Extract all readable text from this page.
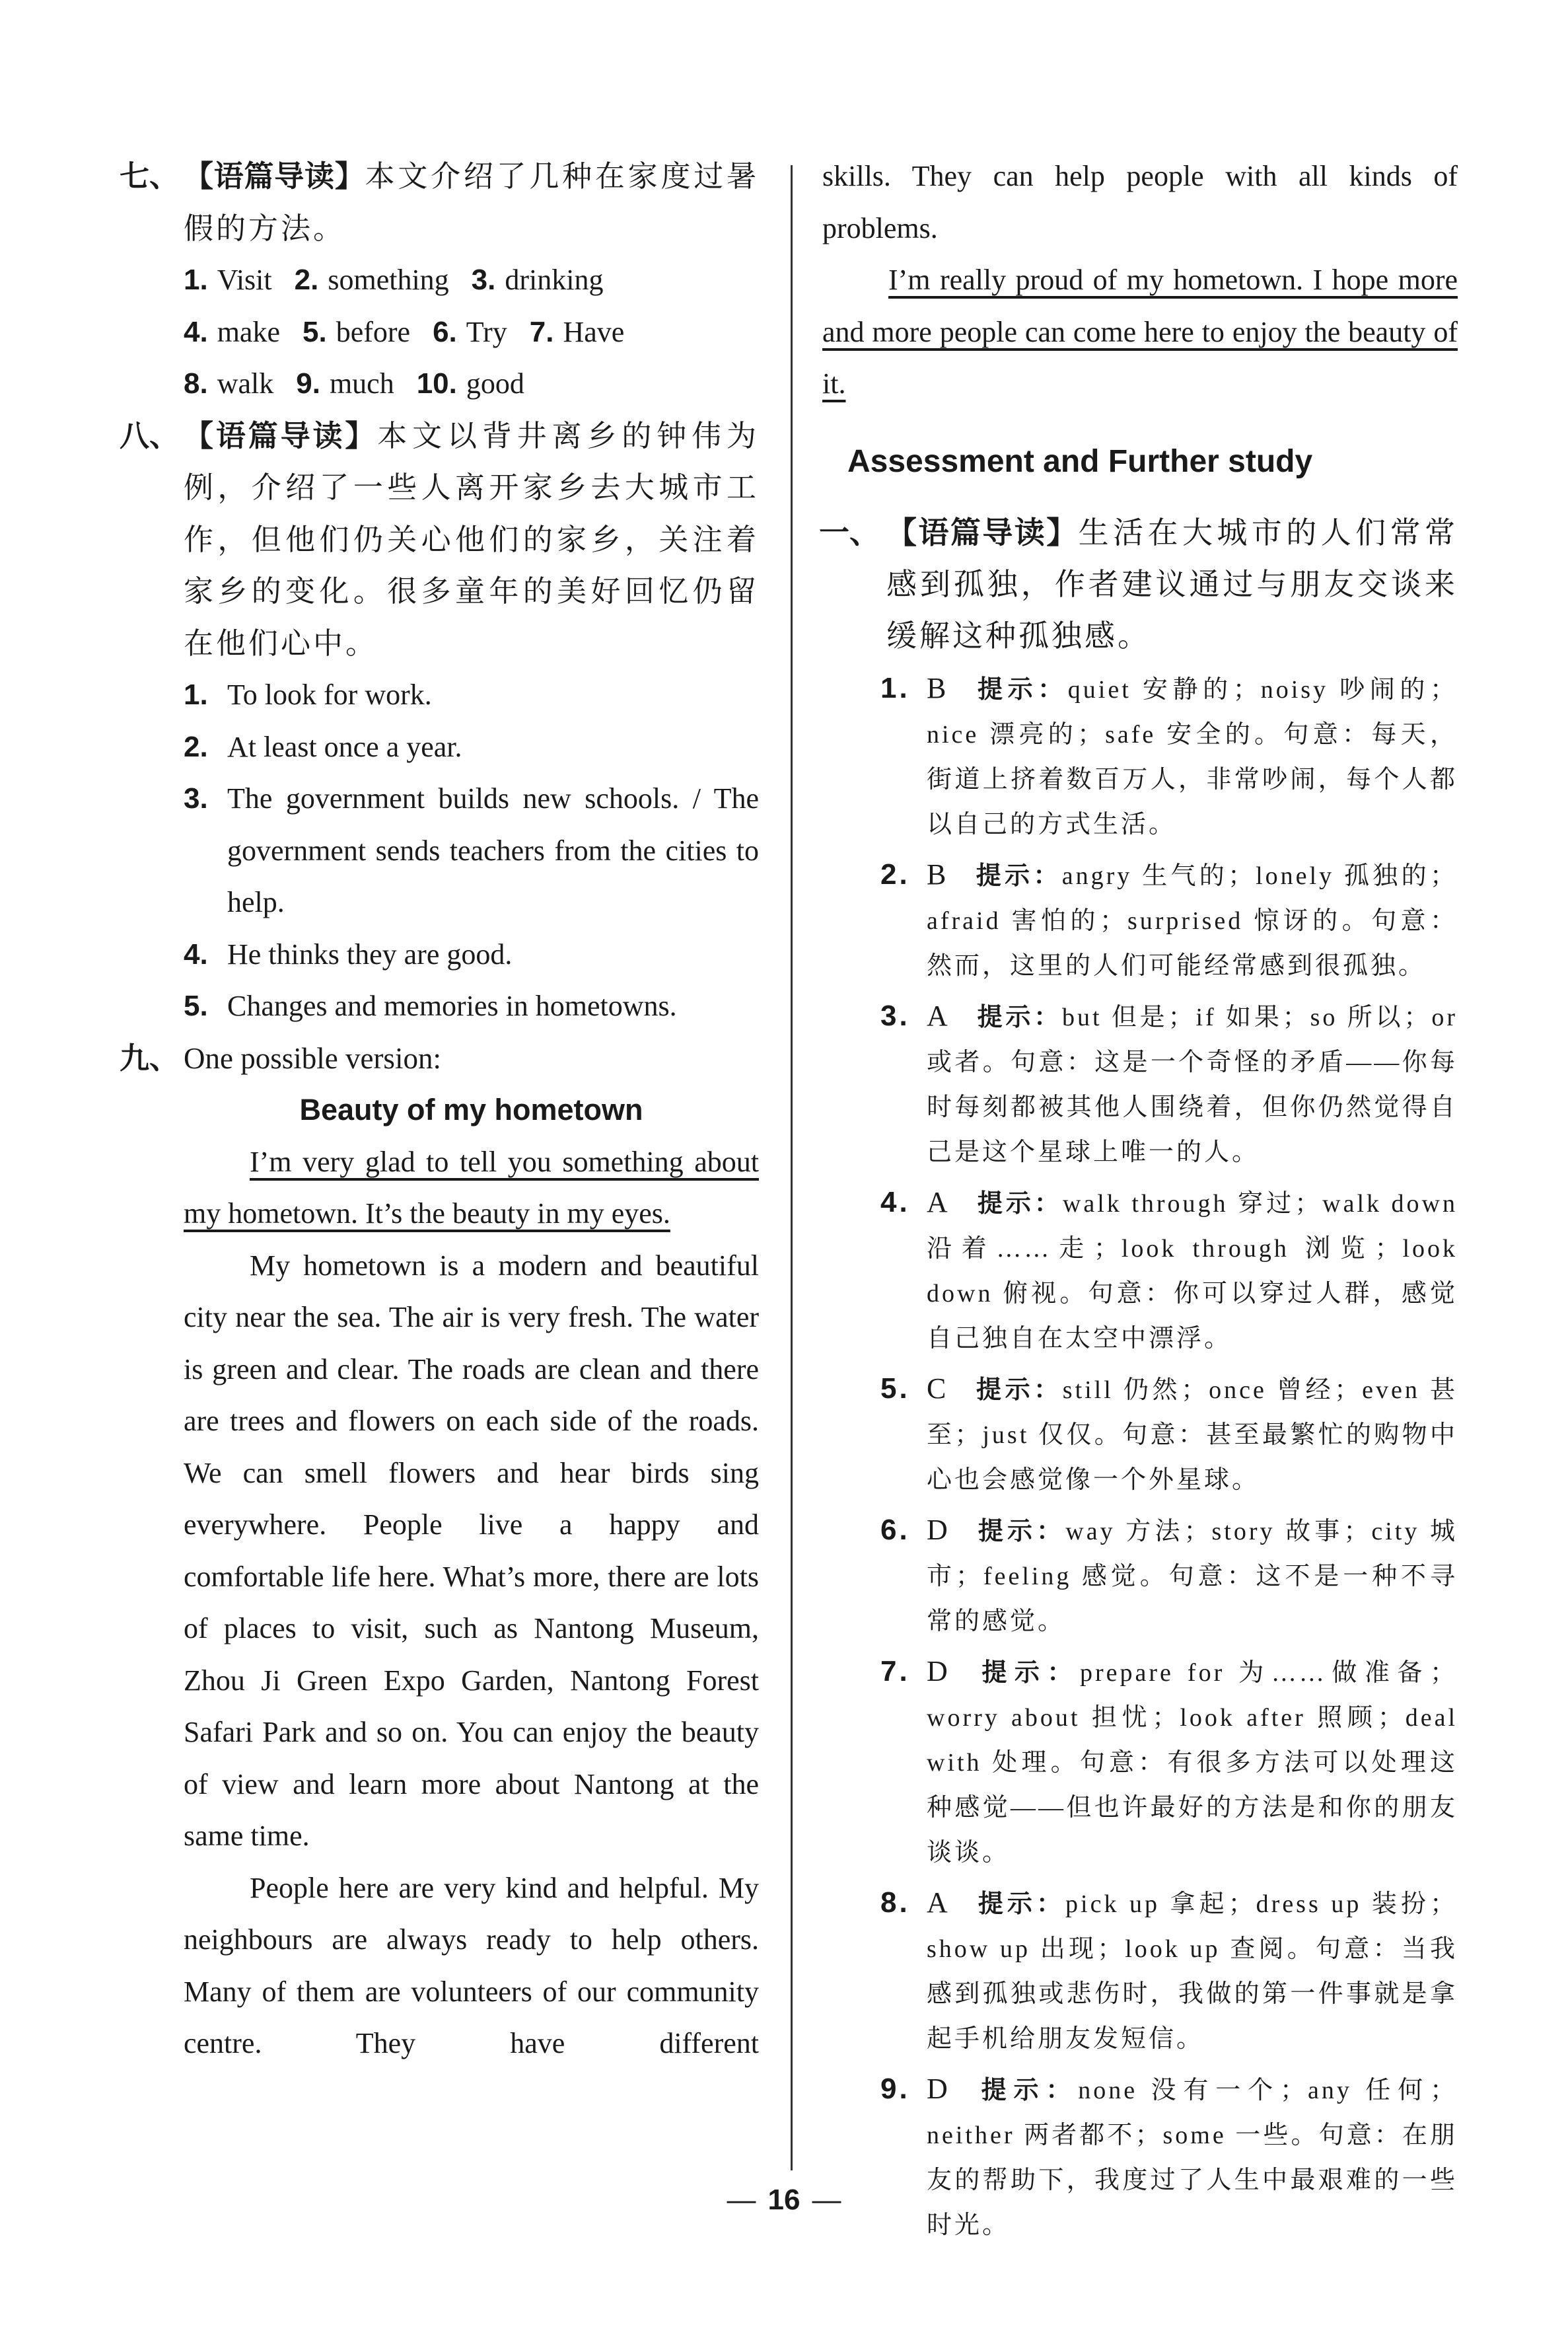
七、 【语篇导读】本文介绍了几种在家度过暑假的方法。
1. Visit 2. something 3. drinking
4. make 5. before 6. Try 7. Have
8. walk 9. much 10. good
八、 【语篇导读】本文以背井离乡的钟伟为例，介绍了一些人离开家乡去大城市工作，但他们仍关心他们的家乡，关注着家乡的变化。很多童年的美好回忆仍留在他们心中。
1. To look for work.
2. At least once a year.
3. The government builds new schools. / The government sends teachers from the cities to help.
4. He thinks they are good.
5. Changes and memories in hometowns.
九、 One possible version:
Beauty of my hometown
I’m very glad to tell you something about my hometown. It’s the beauty in my eyes.
My hometown is a modern and beautiful city near the sea. The air is very fresh. The water is green and clear. The roads are clean and there are trees and flowers on each side of the roads. We can smell flowers and hear birds sing everywhere. People live a happy and comfortable life here. What’s more, there are lots of places to visit, such as Nantong Museum, Zhou Ji Green Expo Garden, Nantong Forest Safari Park and so on. You can enjoy the beauty of view and learn more about Nantong at the same time.
People here are very kind and helpful. My neighbours are always ready to help others. Many of them are volunteers of our community centre. They have different
skills. They can help people with all kinds of problems.
I’m really proud of my hometown. I hope more and more people can come here to enjoy the beauty of it.
Assessment and Further study
一、 【语篇导读】生活在大城市的人们常常感到孤独，作者建议通过与朋友交谈来缓解这种孤独感。
1. B 提示：quiet 安静的；noisy 吵闹的；nice 漂亮的；safe 安全的。句意：每天，街道上挤着数百万人，非常吵闹，每个人都以自己的方式生活。
2. B 提示：angry 生气的；lonely 孤独的；afraid 害怕的；surprised 惊讶的。句意：然而，这里的人们可能经常感到很孤独。
3. A 提示：but 但是；if 如果；so 所以；or 或者。句意：这是一个奇怪的矛盾——你每时每刻都被其他人围绕着，但你仍然觉得自己是这个星球上唯一的人。
4. A 提示：walk through 穿过；walk down 沿着……走；look through 浏览；look down 俯视。句意：你可以穿过人群，感觉自己独自在太空中漂浮。
5. C 提示：still 仍然；once 曾经；even 甚至；just 仅仅。句意：甚至最繁忙的购物中心也会感觉像一个外星球。
6. D 提示：way 方法；story 故事；city 城市；feeling 感觉。句意：这不是一种不寻常的感觉。
7. D 提示：prepare for 为……做准备；worry about 担忧；look after 照顾；deal with 处理。句意：有很多方法可以处理这种感觉——但也许最好的方法是和你的朋友谈谈。
8. A 提示：pick up 拿起；dress up 装扮；show up 出现；look up 查阅。句意：当我感到孤独或悲伤时，我做的第一件事就是拿起手机给朋友发短信。
9. D 提示：none 没有一个；any 任何；neither 两者都不；some 一些。句意：在朋友的帮助下，我度过了人生中最艰难的一些时光。
— 16 —
